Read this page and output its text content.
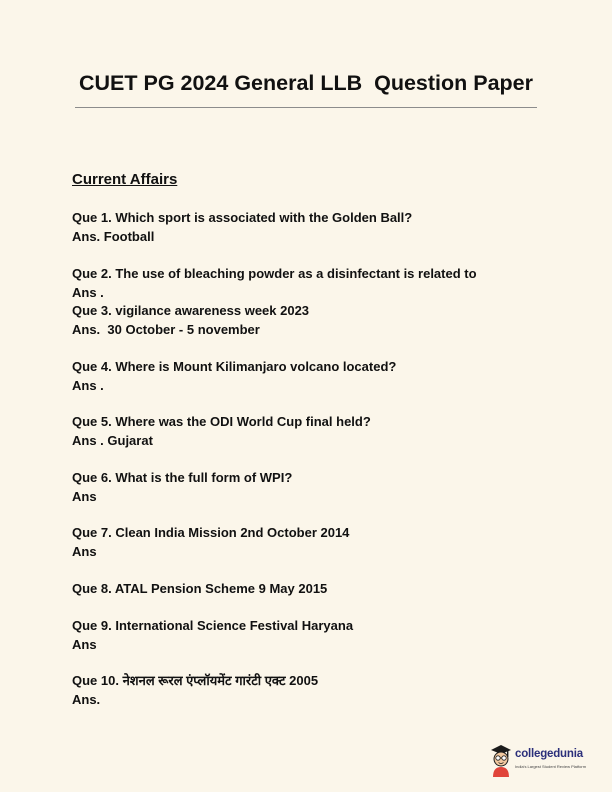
CUET PG 2024 General LLB  Question Paper
Current Affairs
Que 1. Which sport is associated with the Golden Ball?
Ans. Football
Que 2. The use of bleaching powder as a disinfectant is related to
Ans .
Que 3. vigilance awareness week 2023
Ans.  30 October - 5 november
Que 4. Where is Mount Kilimanjaro volcano located?
Ans .
Que 5. Where was the ODI World Cup final held?
Ans . Gujarat
Que 6. What is the full form of WPI?
Ans
Que 7. Clean India Mission 2nd October 2014
Ans
Que 8. ATAL Pension Scheme 9 May 2015
Que 9. International Science Festival Haryana
Ans
Que 10. नेशनल रूरल एंप्लॉयमेंट गारंटी एक्ट 2005
Ans.
collegedunia
India's Largest Student Review Platform
